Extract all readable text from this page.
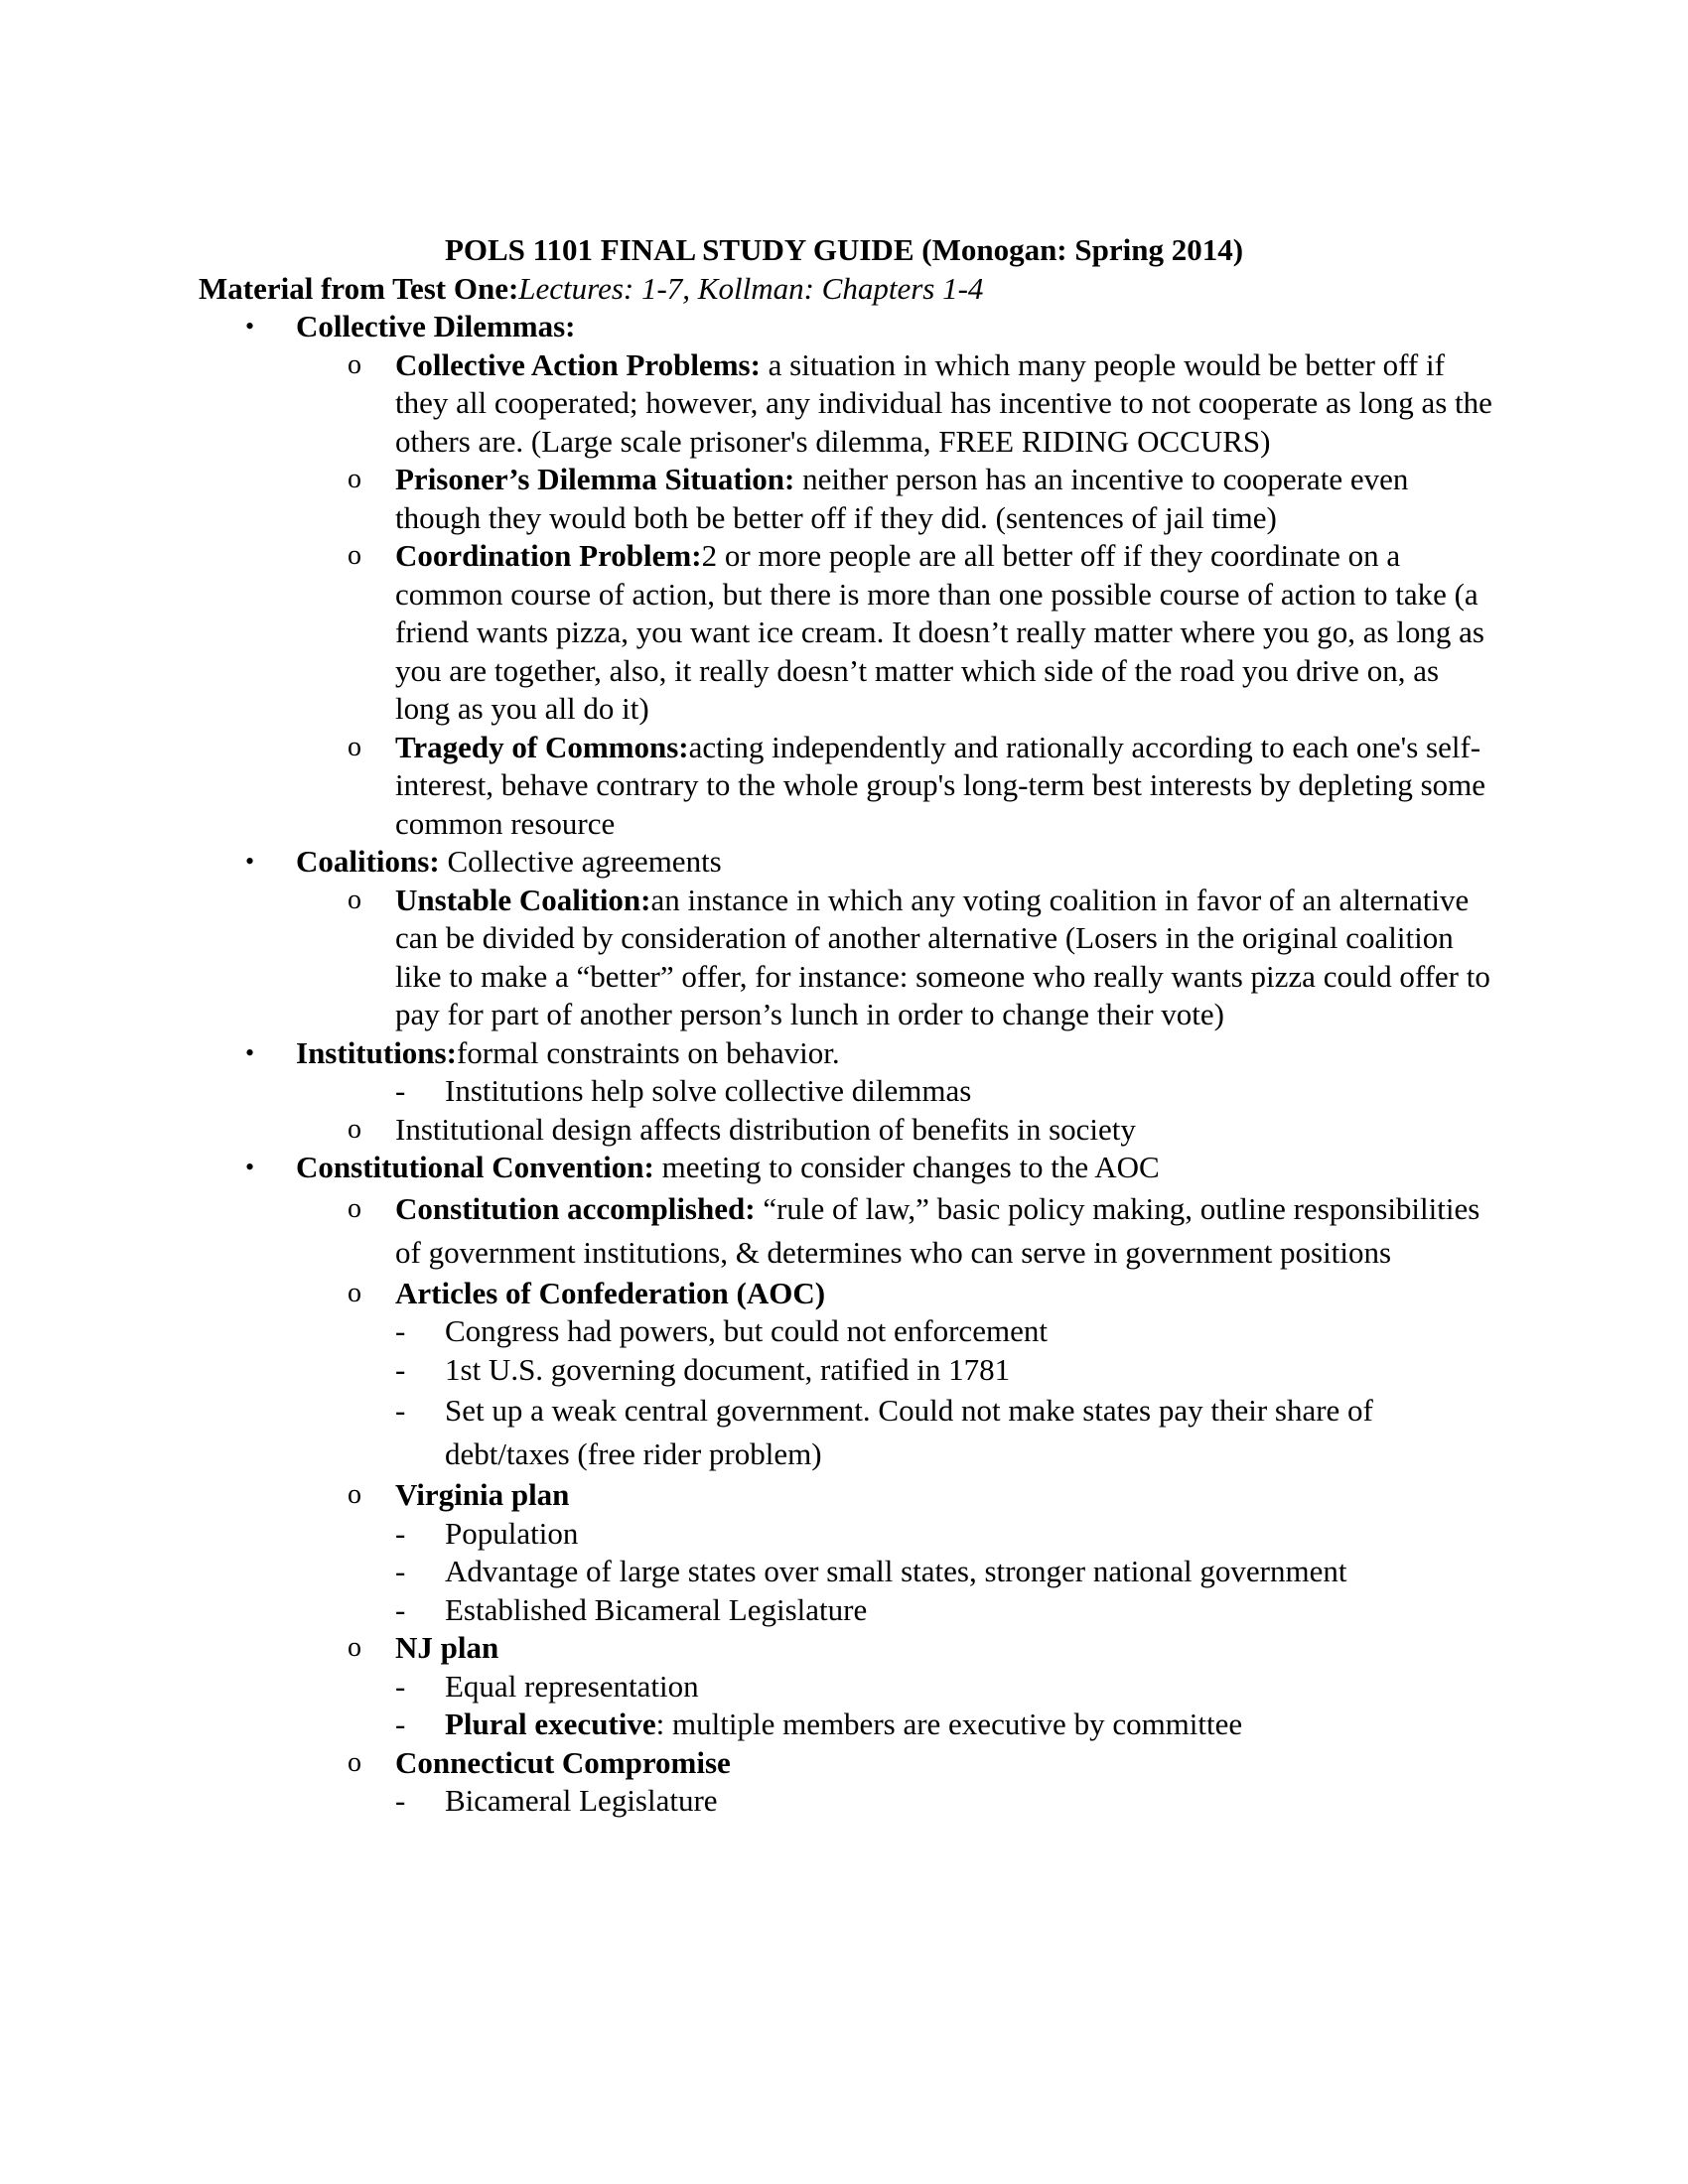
POLS 1101 FINAL STUDY GUIDE (Monogan: Spring 2014)
Material from Test One:Lectures: 1-7, Kollman: Chapters 1-4
• Collective Dilemmas:
o Collective Action Problems: a situation in which many people would be better off if they all cooperated; however, any individual has incentive to not cooperate as long as the others are. (Large scale prisoner's dilemma, FREE RIDING OCCURS)
o Prisoner’s Dilemma Situation: neither person has an incentive to cooperate even though they would both be better off if they did. (sentences of jail time)
o Coordination Problem:2 or more people are all better off if they coordinate on a common course of action, but there is more than one possible course of action to take (a friend wants pizza, you want ice cream. It doesn’t really matter where you go, as long as you are together, also, it really doesn’t matter which side of the road you drive on, as long as you all do it)
o Tragedy of Commons:acting independently and rationally according to each one's self-interest, behave contrary to the whole group's long-term best interests by depleting some common resource
• Coalitions: Collective agreements
o Unstable Coalition:an instance in which any voting coalition in favor of an alternative can be divided by consideration of another alternative (Losers in the original coalition like to make a “better” offer, for instance: someone who really wants pizza could offer to pay for part of another person’s lunch in order to change their vote)
• Institutions:formal constraints on behavior.
- Institutions help solve collective dilemmas
o Institutional design affects distribution of benefits in society
• Constitutional Convention: meeting to consider changes to the AOC
o Constitution accomplished: “rule of law,” basic policy making, outline responsibilities of government institutions, & determines who can serve in government positions
o Articles of Confederation (AOC)
- Congress had powers, but could not enforcement
- 1st U.S. governing document, ratified in 1781
- Set up a weak central government. Could not make states pay their share of debt/taxes (free rider problem)
o Virginia plan
- Population
- Advantage of large states over small states, stronger national government
- Established Bicameral Legislature
o NJ plan
- Equal representation
- Plural executive: multiple members are executive by committee
o Connecticut Compromise
- Bicameral Legislature
